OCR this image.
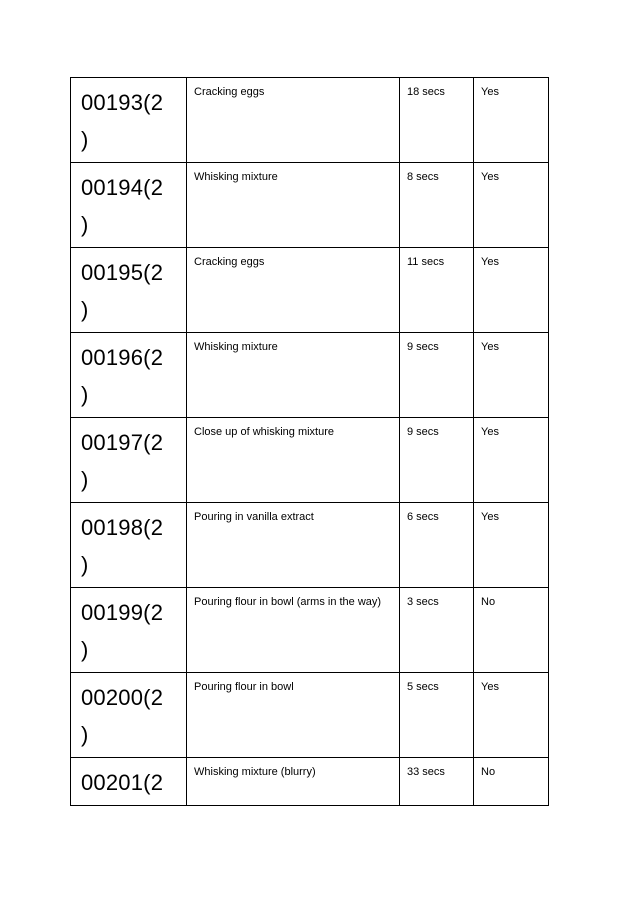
00193(2
)	Cracking eggs	18 secs	Yes

00194(2
)	Whisking mixture	8 secs	Yes

00195(2
)	Cracking eggs	11 secs	Yes

00196(2
)	Whisking mixture	9 secs	Yes

00197(2
)	Close up of whisking mixture	9 secs	Yes

00198(2
)	Pouring in vanilla extract	6 secs	Yes

00199(2
)	Pouring flour in bowl (arms in the way)	3 secs	No

00200(2
)	Pouring flour in bowl	5 secs	Yes

00201(2	Whisking mixture (blurry)	33 secs	No
